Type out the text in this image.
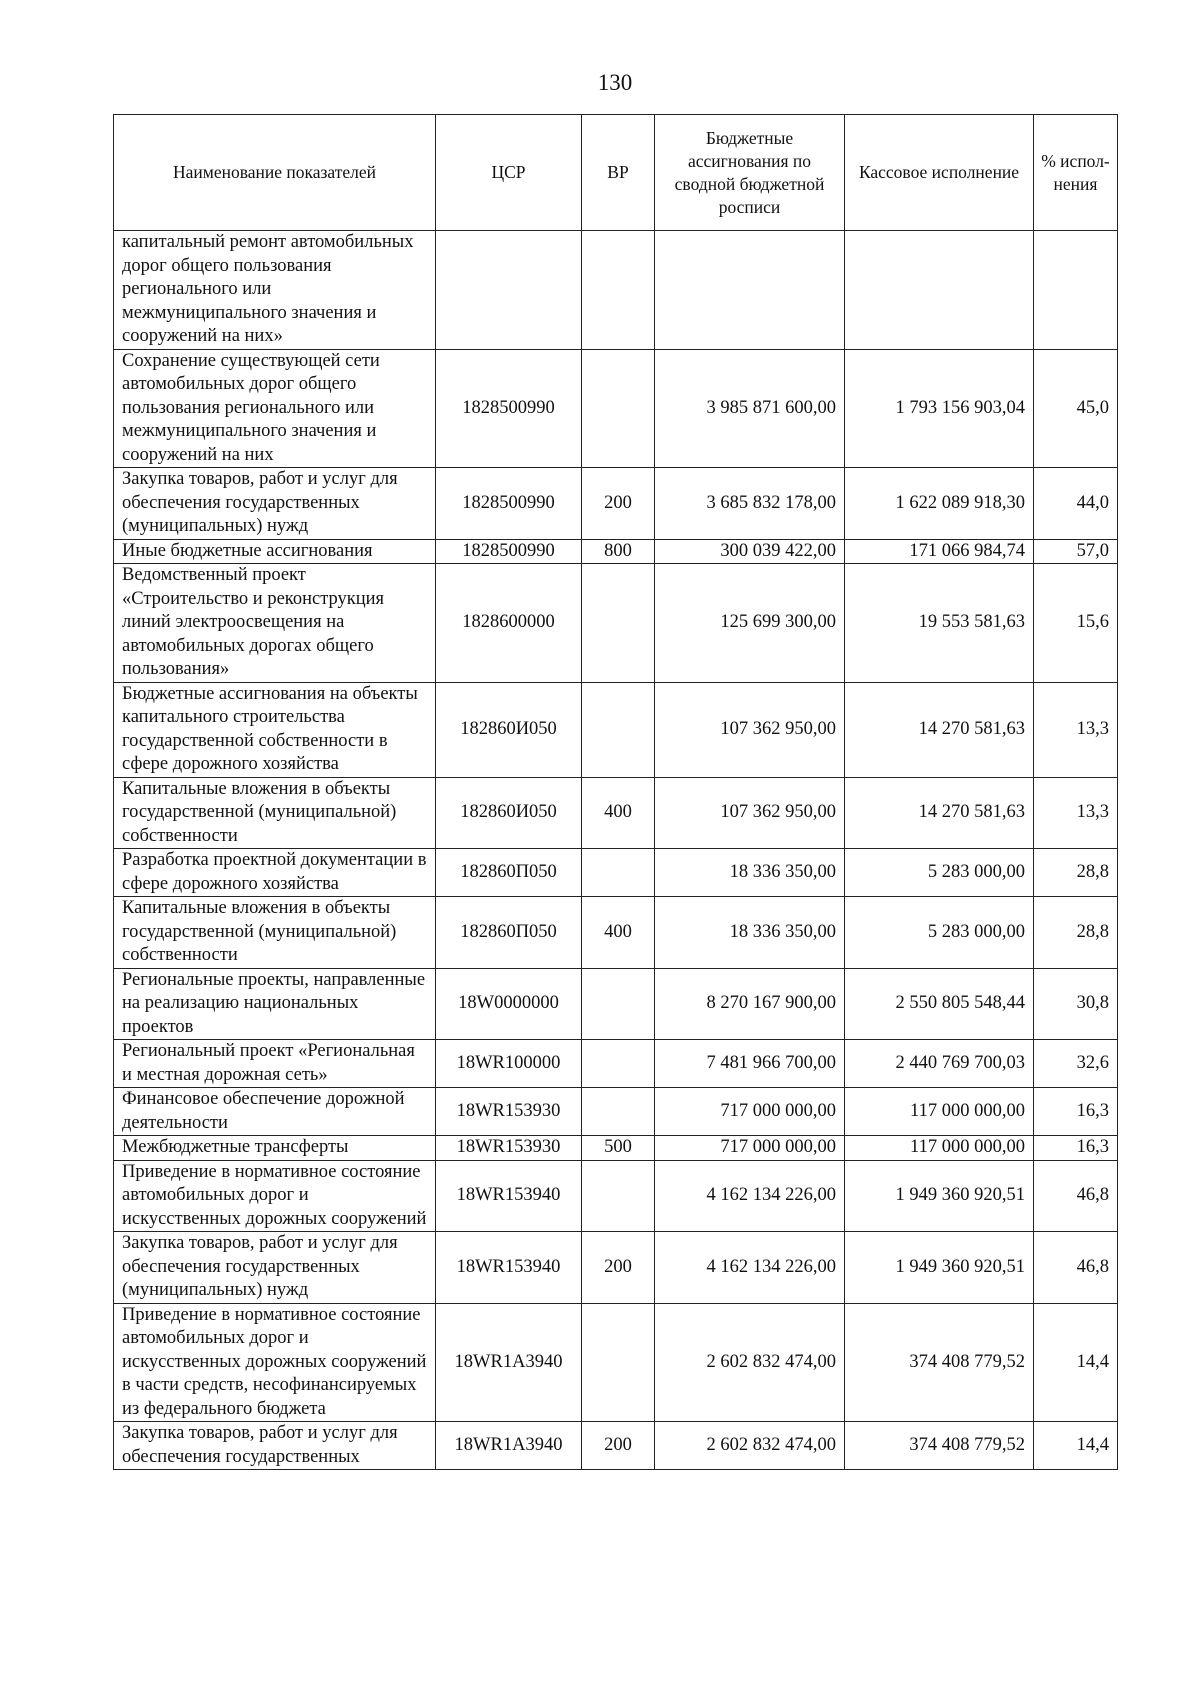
130
Наименование показателей	ЦСР	ВР	Бюджетные ассигнования по сводной бюджетной росписи	Кассовое исполнение	% испол-нения
капитальный ремонт автомобильных дорог общего пользования регионального или межмуниципального значения и сооружений на них»					
Сохранение существующей сети автомобильных дорог общего пользования регионального или межмуниципального значения и сооружений на них	1828500990		3 985 871 600,00	1 793 156 903,04	45,0
Закупка товаров, работ и услуг для обеспечения государственных (муниципальных) нужд	1828500990	200	3 685 832 178,00	1 622 089 918,30	44,0
Иные бюджетные ассигнования	1828500990	800	300 039 422,00	171 066 984,74	57,0
Ведомственный проект «Строительство и реконструкция линий электроосвещения на автомобильных дорогах общего пользования»	1828600000		125 699 300,00	19 553 581,63	15,6
Бюджетные ассигнования на объекты капитального строительства государственной собственности в сфере дорожного хозяйства	182860И050		107 362 950,00	14 270 581,63	13,3
Капитальные вложения в объекты государственной (муниципальной) собственности	182860И050	400	107 362 950,00	14 270 581,63	13,3
Разработка проектной документации в сфере дорожного хозяйства	182860П050		18 336 350,00	5 283 000,00	28,8
Капитальные вложения в объекты государственной (муниципальной) собственности	182860П050	400	18 336 350,00	5 283 000,00	28,8
Региональные проекты, направленные на реализацию национальных проектов	18W0000000		8 270 167 900,00	2 550 805 548,44	30,8
Региональный проект «Региональная и местная дорожная сеть»	18WR100000		7 481 966 700,00	2 440 769 700,03	32,6
Финансовое обеспечение дорожной деятельности	18WR153930		717 000 000,00	117 000 000,00	16,3
Межбюджетные трансферты	18WR153930	500	717 000 000,00	117 000 000,00	16,3
Приведение в нормативное состояние автомобильных дорог и искусственных дорожных сооружений	18WR153940		4 162 134 226,00	1 949 360 920,51	46,8
Закупка товаров, работ и услуг для обеспечения государственных (муниципальных) нужд	18WR153940	200	4 162 134 226,00	1 949 360 920,51	46,8
Приведение в нормативное состояние автомобильных дорог и искусственных дорожных сооружений в части средств, несофинансируемых из федерального бюджета	18WR1А3940		2 602 832 474,00	374 408 779,52	14,4
Закупка товаров, работ и услуг для обеспечения государственных	18WR1А3940	200	2 602 832 474,00	374 408 779,52	14,4
